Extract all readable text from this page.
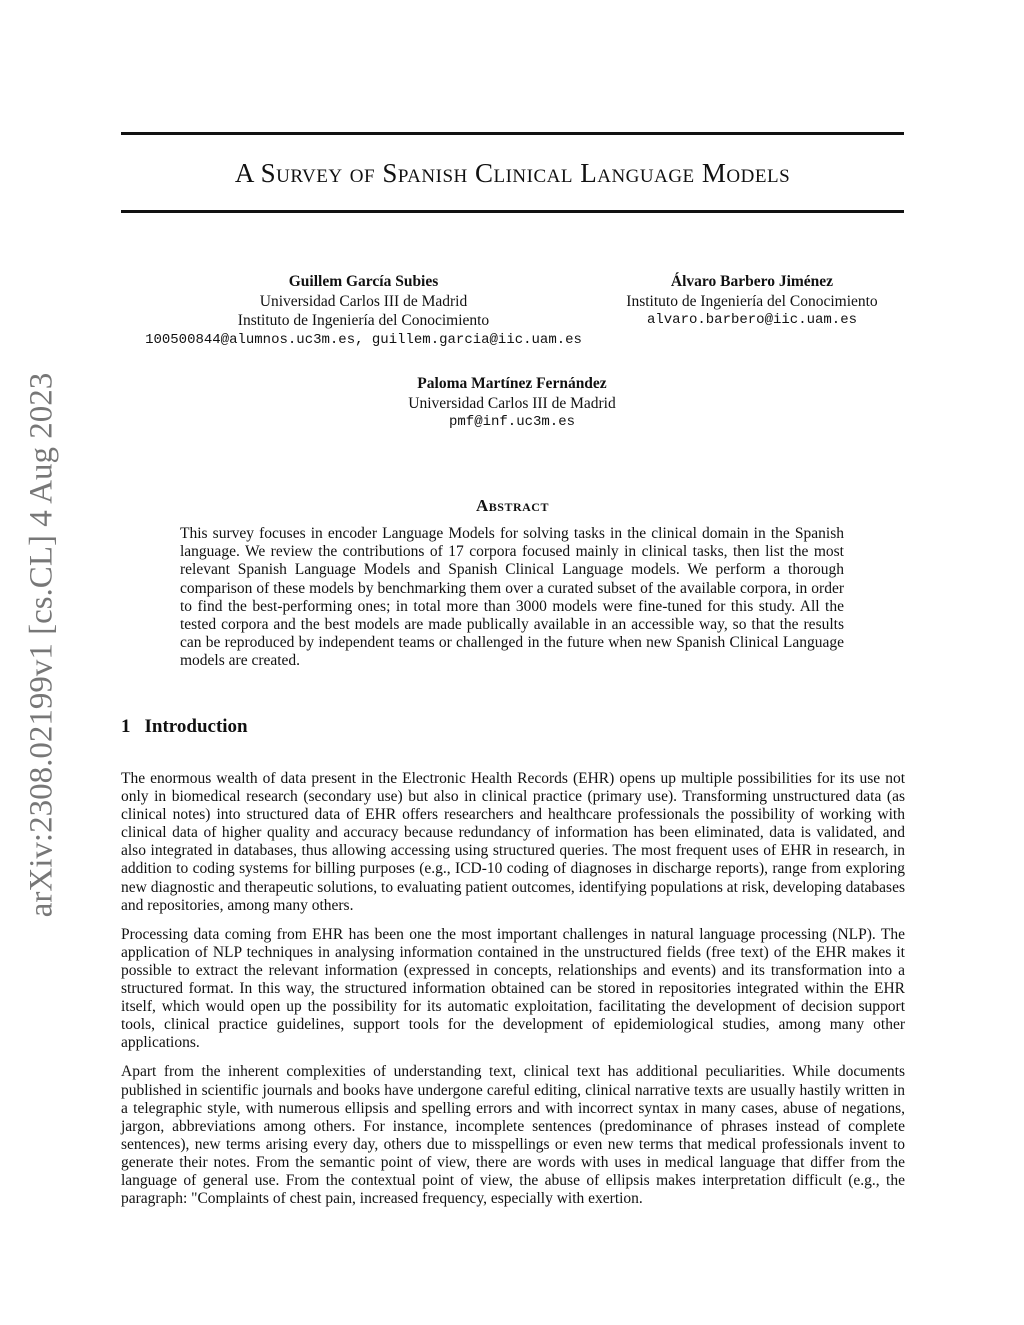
arXiv:2308.02199v1 [cs.CL] 4 Aug 2023
A Survey of Spanish Clinical Language Models
Guillem García Subies
Universidad Carlos III de Madrid
Instituto de Ingeniería del Conocimiento
100500844@alumnos.uc3m.es, guillem.garcia@iic.uam.es
Álvaro Barbero Jiménez
Instituto de Ingeniería del Conocimiento
alvaro.barbero@iic.uam.es
Paloma Martínez Fernández
Universidad Carlos III de Madrid
pmf@inf.uc3m.es
Abstract

This survey focuses in encoder Language Models for solving tasks in the clinical domain in the Spanish language. We review the contributions of 17 corpora focused mainly in clinical tasks, then list the most relevant Spanish Language Models and Spanish Clinical Language models. We perform a thorough comparison of these models by benchmarking them over a curated subset of the available corpora, in order to find the best-performing ones; in total more than 3000 models were fine-tuned for this study. All the tested corpora and the best models are made publically available in an accessible way, so that the results can be reproduced by independent teams or challenged in the future when new Spanish Clinical Language models are created.

1 Introduction

The enormous wealth of data present in the Electronic Health Records (EHR) opens up multiple possibilities for its use not only in biomedical research (secondary use) but also in clinical practice (primary use). Transforming unstructured data (as clinical notes) into structured data of EHR offers researchers and healthcare professionals the possibility of working with clinical data of higher quality and accuracy because redundancy of information has been eliminated, data is validated, and also integrated in databases, thus allowing accessing using structured queries. The most frequent uses of EHR in research, in addition to coding systems for billing purposes (e.g., ICD-10 coding of diagnoses in discharge reports), range from exploring new diagnostic and therapeutic solutions, to evaluating patient outcomes, identifying populations at risk, developing databases and repositories, among many others.

Processing data coming from EHR has been one the most important challenges in natural language processing (NLP). The application of NLP techniques in analysing information contained in the unstructured fields (free text) of the EHR makes it possible to extract the relevant information (expressed in concepts, relationships and events) and its transformation into a structured format. In this way, the structured information obtained can be stored in repositories integrated within the EHR itself, which would open up the possibility for its automatic exploitation, facilitating the development of decision support tools, clinical practice guidelines, support tools for the development of epidemiological studies, among many other applications.

Apart from the inherent complexities of understanding text, clinical text has additional peculiarities. While documents published in scientific journals and books have undergone careful editing, clinical narrative texts are usually hastily written in a telegraphic style, with numerous ellipsis and spelling errors and with incorrect syntax in many cases, abuse of negations, jargon, abbreviations among others. For instance, incomplete sentences (predominance of phrases instead of complete sentences), new terms arising every day, others due to misspellings or even new terms that medical professionals invent to generate their notes. From the semantic point of view, there are words with uses in medical language that differ from the language of general use. From the contextual point of view, the abuse of ellipsis makes interpretation difficult (e.g., the paragraph: "Complaints of chest pain, increased frequency, especially with exertion.
